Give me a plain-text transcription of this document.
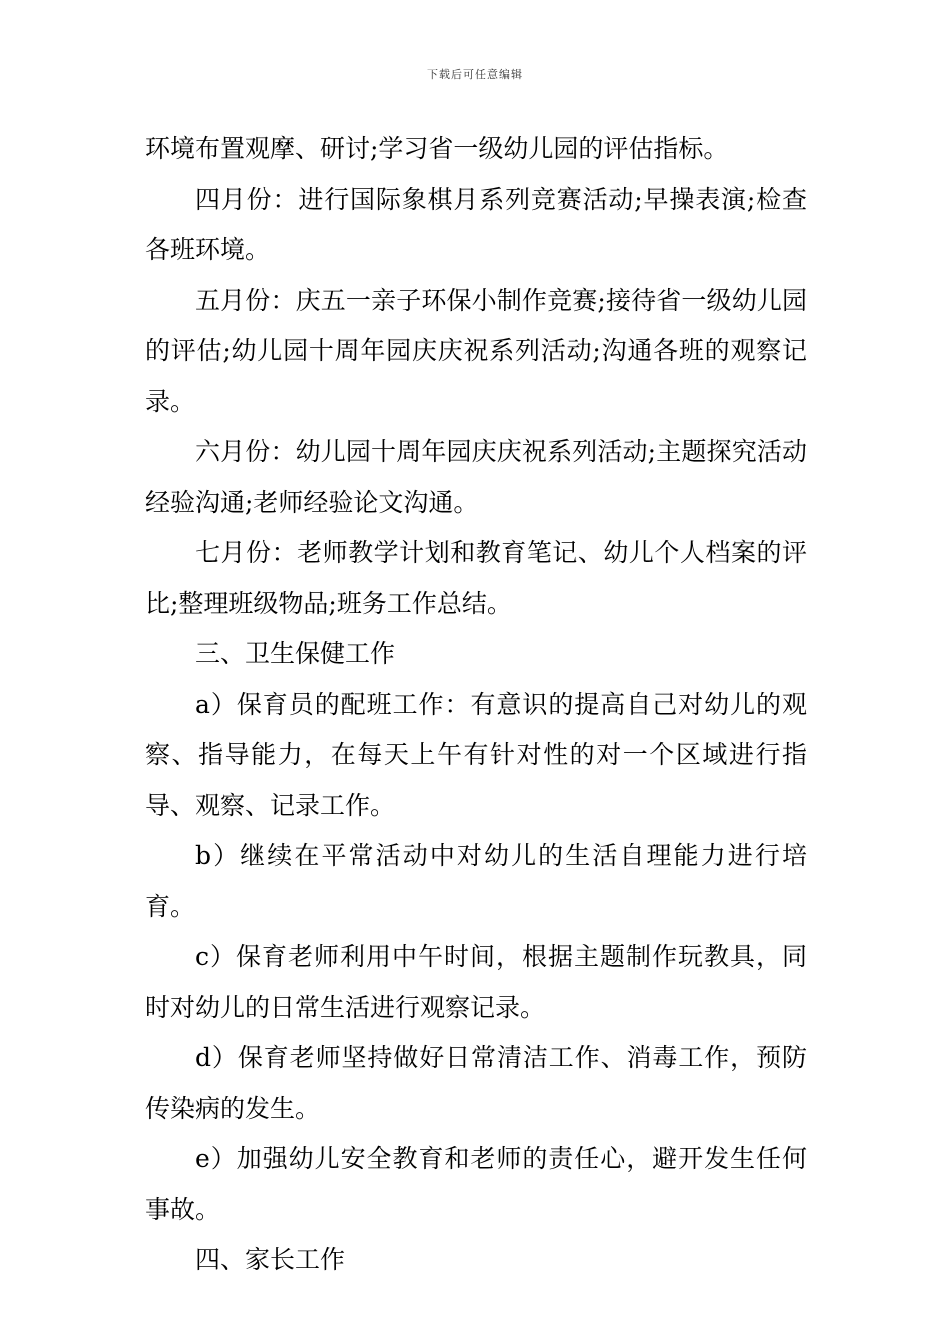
下载后可任意编辑

环境布置观摩、研讨;学习省一级幼儿园的评估指标。

四月份：进行国际象棋月系列竞赛活动;早操表演;检查各班环境。

五月份：庆五一亲子环保小制作竞赛;接待省一级幼儿园的评估;幼儿园十周年园庆庆祝系列活动;沟通各班的观察记录。

六月份：幼儿园十周年园庆庆祝系列活动;主题探究活动经验沟通;老师经验论文沟通。

七月份：老师教学计划和教育笔记、幼儿个人档案的评比;整理班级物品;班务工作总结。

三、卫生保健工作

a）保育员的配班工作：有意识的提高自己对幼儿的观察、指导能力，在每天上午有针对性的对一个区域进行指导、观察、记录工作。

b）继续在平常活动中对幼儿的生活自理能力进行培育。

c）保育老师利用中午时间，根据主题制作玩教具，同时对幼儿的日常生活进行观察记录。

d）保育老师坚持做好日常清洁工作、消毒工作，预防传染病的发生。

e）加强幼儿安全教育和老师的责任心，避开发生任何事故。

四、家长工作
